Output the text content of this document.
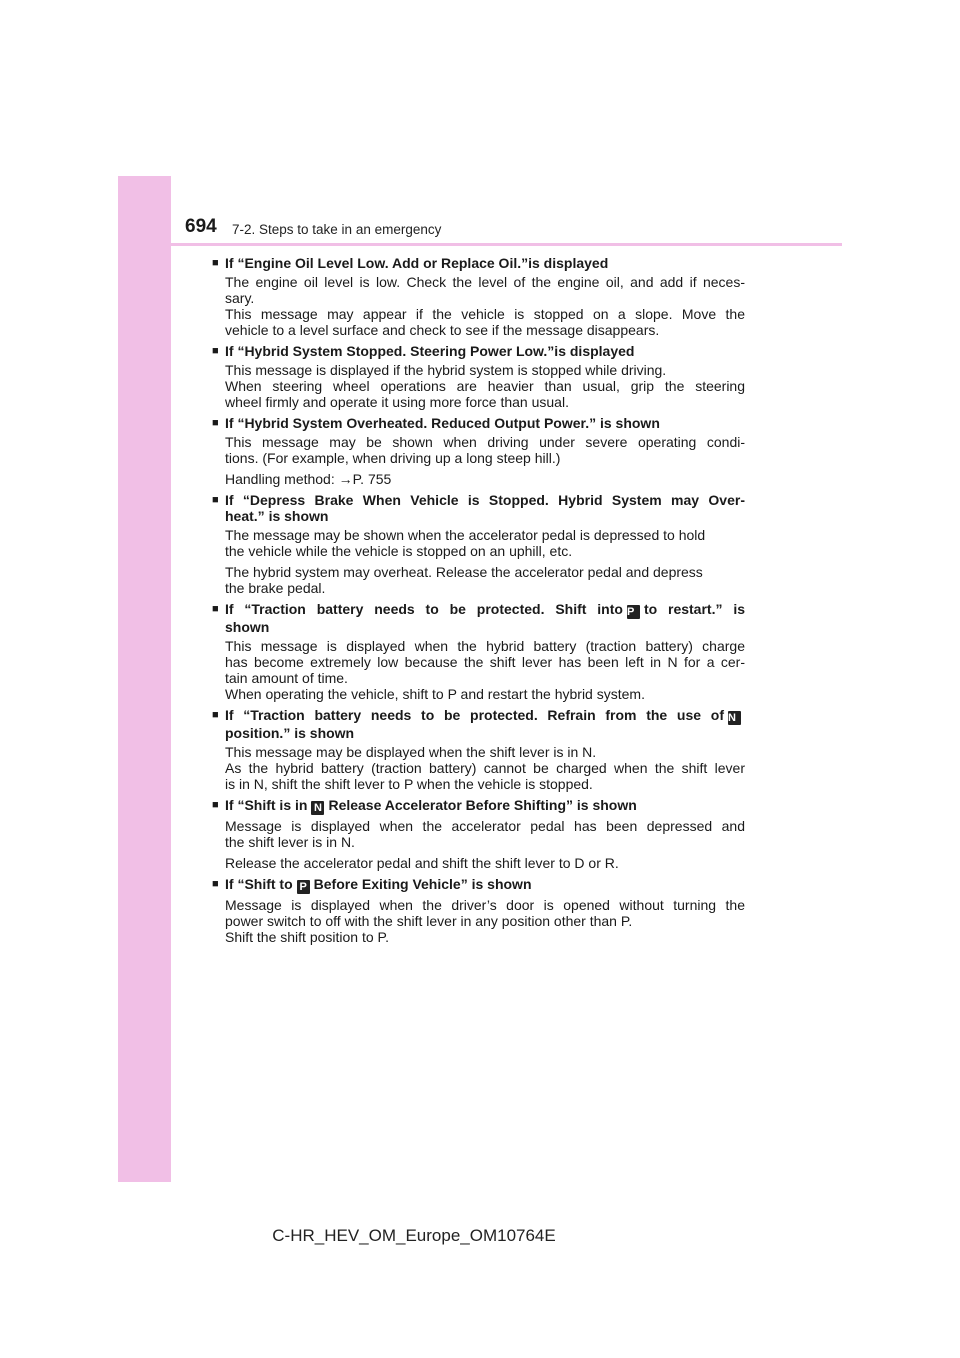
694 7-2. Steps to take in an emergency
■ If “Engine Oil Level Low. Add or Replace Oil.”is displayed
The engine oil level is low. Check the level of the engine oil, and add if neces-
sary.
This message may appear if the vehicle is stopped on a slope. Move the
vehicle to a level surface and check to see if the message disappears.
■ If “Hybrid System Stopped. Steering Power Low.”is displayed
This message is displayed if the hybrid system is stopped while driving.
When steering wheel operations are heavier than usual, grip the steering
wheel firmly and operate it using more force than usual.
■ If “Hybrid System Overheated. Reduced Output Power.” is shown
This message may be shown when driving under severe operating condi-
tions. (For example, when driving up a long steep hill.)
Handling method: →P. 755
■ If “Depress Brake When Vehicle is Stopped. Hybrid System may Over-
heat.” is shown
The message may be shown when the accelerator pedal is depressed to hold
the vehicle while the vehicle is stopped on an uphill, etc.
The hybrid system may overheat. Release the accelerator pedal and depress
the brake pedal.
■ If “Traction battery needs to be protected. Shift into P to restart.” is
shown
This message is displayed when the hybrid battery (traction battery) charge
has become extremely low because the shift lever has been left in N for a cer-
tain amount of time.
When operating the vehicle, shift to P and restart the hybrid system.
■ If “Traction battery needs to be protected. Refrain from the use of N
position.” is shown
This message may be displayed when the shift lever is in N.
As the hybrid battery (traction battery) cannot be charged when the shift lever
is in N, shift the shift lever to P when the vehicle is stopped.
■ If “Shift is in N Release Accelerator Before Shifting” is shown
Message is displayed when the accelerator pedal has been depressed and
the shift lever is in N.
Release the accelerator pedal and shift the shift lever to D or R.
■ If “Shift to P Before Exiting Vehicle” is shown
Message is displayed when the driver’s door is opened without turning the
power switch to off with the shift lever in any position other than P.
Shift the shift position to P.
C-HR_HEV_OM_Europe_OM10764E
